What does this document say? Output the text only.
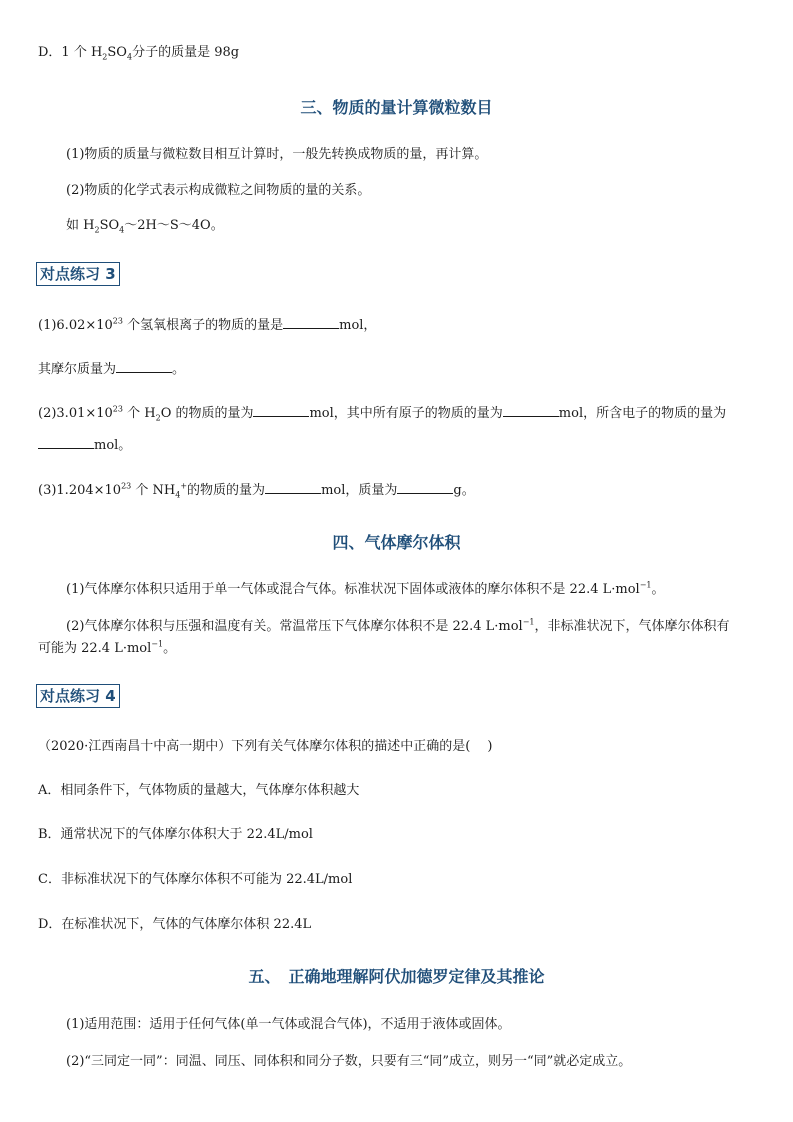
D．1 个 $H_2SO_4$分子的质量是 98g
三、物质的量计算微粒数目
(1)物质的质量与微粒数目相互计算时，一般先转换成物质的量，再计算。
(2)物质的化学式表示构成微粒之间物质的量的关系。
如 $H_2SO_4\sim 2H\sim S\sim 4O$。
对点练习 3
$(1)6.02\times 10^{23}$ 个氢氧根离子的物质的量是	mol，
其摩尔质量为	。
$(2)3.01\times 10^{23}$ 个 $H_2O$ 的物质的量为	mol，其中所有原子的物质的量为	mol，所含电子的物质的量为
mol。
$(3)1.204\times 10^{23}$ 个 $NH_4^+$的物质的量为	mol，质量为	g。
四、气体摩尔体积
(1)气体摩尔体积只适用于单一气体或混合气体。标准状况下固体或液体的摩尔体积不是 22.4 L·mol$^{-1}$。
(2)气体摩尔体积与压强和温度有关。常温常压下气体摩尔体积不是 22.4 L·mol$^{-1}$，非标准状况下，气体摩尔体积有
可能为 22.4 L·mol$^{-1}$。
对点练习 4
（2020·江西南昌十中高一期中）下列有关气体摩尔体积的描述中正确的是(　 )
A．相同条件下，气体物质的量越大，气体摩尔体积越大
B．通常状况下的气体摩尔体积大于 22.4L/mol
C．非标准状况下的气体摩尔体积不可能为 22.4L/mol
D．在标准状况下，气体的气体摩尔体积 22.4L
五、　正确地理解阿伏加德罗定律及其推论
(1)适用范围：适用于任何气体(单一气体或混合气体)，不适用于液体或固体。
(2)“三同定一同”：同温、同压、同体积和同分子数，只要有三“同”成立，则另一“同”就必定成立。
